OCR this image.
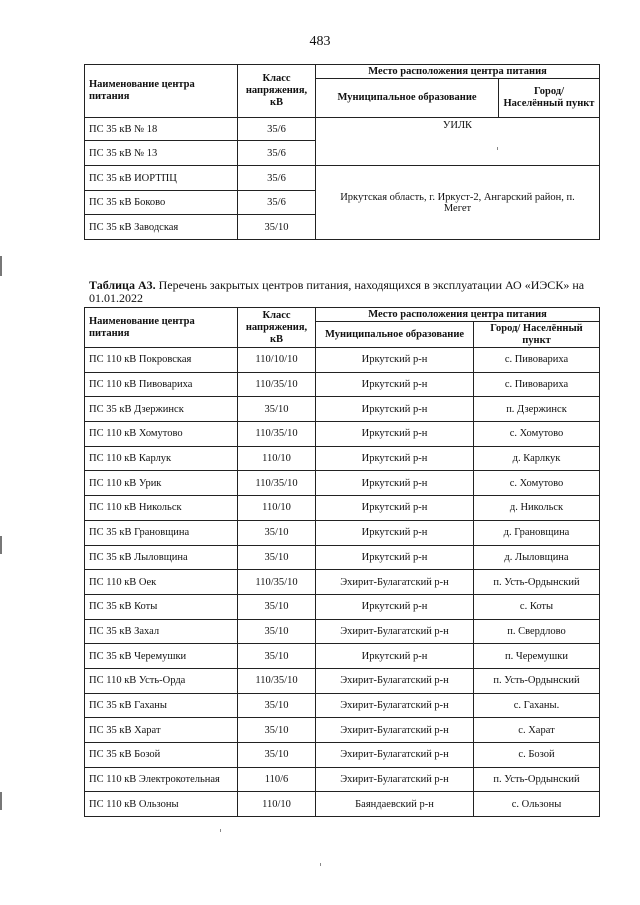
483
Наименование центра питания	Класс напряжения, кВ	Место расположения центра питания	
		Муниципальное образование	Город/ Населённый пункт
ПС 35 кВ № 18	35/6	УИЛК	
ПС 35 кВ № 13	35/6		
ПС 35 кВ ИОРТПЦ	35/6	Иркутская область, г. Иркуст-2, Ангарский район, п. Мегет	
ПС 35 кВ Боково	35/6		
ПС 35 кВ Заводская	35/10		
Таблица А3. Перечень закрытых центров питания, находящихся в эксплуатации АО «ИЭСК» на 01.01.2022
Наименование центра питания	Класс напряжения, кВ	Место расположения центра питания	
		Муниципальное образование	Город/ Населённый пункт
ПС 110 кВ Покровская	110/10/10	Иркутский р-н	с. Пивовариха
ПС 110 кВ Пивовариха	110/35/10	Иркутский р-н	с. Пивовариха
ПС 35 кВ Дзержинск	35/10	Иркутский р-н	п. Дзержинск
ПС 110 кВ Хомутово	110/35/10	Иркутский р-н	с. Хомутово
ПС 110 кВ Карлук	110/10	Иркутский р-н	д. Карлкук
ПС 110 кВ Урик	110/35/10	Иркутский р-н	с. Хомутово
ПС 110 кВ Никольск	110/10	Иркутский р-н	д. Никольск
ПС 35 кВ Грановщина	35/10	Иркутский р-н	д. Грановщина
ПС 35 кВ Лыловщина	35/10	Иркутский р-н	д. Лыловщина
ПС 110 кВ Оек	110/35/10	Эхирит-Булагатский р-н	п. Усть-Ордынский
ПС 35 кВ Коты	35/10	Иркутский р-н	с. Коты
ПС 35 кВ Захал	35/10	Эхирит-Булагатский р-н	п. Свердлово
ПС 35 кВ Черемушки	35/10	Иркутский р-н	п. Черемушки
ПС 110 кВ Усть-Орда	110/35/10	Эхирит-Булагатский р-н	п. Усть-Ордынский
ПС 35 кВ Гаханы	35/10	Эхирит-Булагатский р-н	с. Гаханы.
ПС 35 кВ Харат	35/10	Эхирит-Булагатский р-н	с. Харат
ПС 35 кВ Бозой	35/10	Эхирит-Булагатский р-н	с. Бозой
ПС 110 кВ Электрокотельная	110/6	Эхирит-Булагатский р-н	п. Усть-Ордынский
ПС 110 кВ Ользоны	110/10	Баяндаевский р-н	с. Ользоны
